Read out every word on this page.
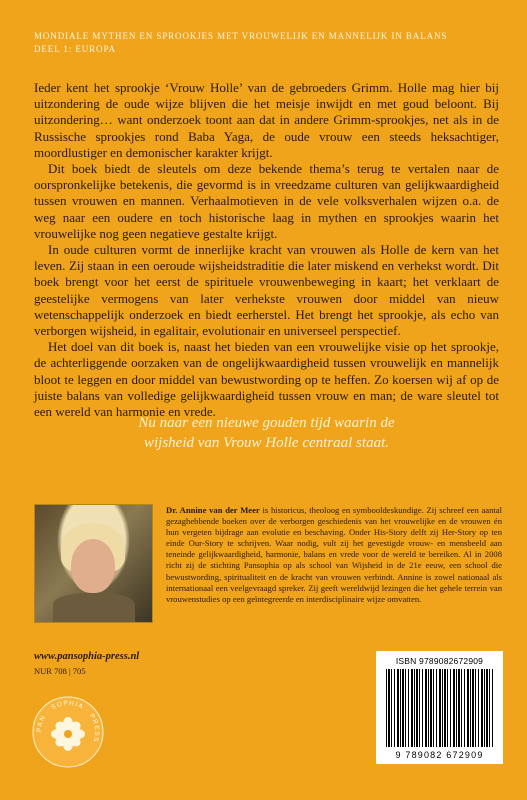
MONDIALE MYTHEN EN SPROOKJES MET VROUWELIJK EN MANNELIJK IN BALANS
DEEL 1: EUROPA

Ieder kent het sprookje ‘Vrouw Holle’ van de gebroeders Grimm. Holle mag hier bij uitzondering de oude wijze blijven die het meisje inwijdt en met goud beloont. Bij uitzondering… want onderzoek toont aan dat in andere Grimm-sprookjes, net als in de Russische sprookjes rond Baba Yaga, de oude vrouw een steeds heksachtiger, moordlustiger en demonischer karakter krijgt.

Dit boek biedt de sleutels om deze bekende thema’s terug te vertalen naar de oorspronkelijke betekenis, die gevormd is in vreedzame culturen van gelijkwaardigheid tussen vrouwen en mannen. Verhaalmotieven in de vele volksverhalen wijzen o.a. de weg naar een oudere en toch historische laag in mythen en sprookjes waarin het vrouwelijke nog geen negatieve gestalte krijgt.

In oude culturen vormt de innerlijke kracht van vrouwen als Holle de kern van het leven. Zij staan in een oeroude wijsheidstraditie die later miskend en verhekst wordt. Dit boek brengt voor het eerst de spirituele vrouwenbeweging in kaart; het verklaart de geestelijke vermogens van later verhekste vrouwen door middel van nieuw wetenschappelijk onderzoek en biedt eerherstel. Het brengt het sprookje, als echo van verborgen wijsheid, in egalitair, evolutionair en universeel perspectief.

Het doel van dit boek is, naast het bieden van een vrouwelijke visie op het sprookje, de achterliggende oorzaken van de ongelijkwaardigheid tussen vrouwelijk en mannelijk bloot te leggen en door middel van bewustwording op te heffen. Zo koersen wij af op de juiste balans van volledige gelijkwaardigheid tussen vrouw en man; de ware sleutel tot een wereld van harmonie en vrede.

Nu naar een nieuwe gouden tijd waarin de
wijsheid van Vrouw Holle centraal staat.
Dr. Annine van der Meer is historicus, theoloog en symbooldeskundige. Zij schreef een aantal gezaghebbende boeken over de verborgen geschiedenis van het vrouwelijke en de vrouwen én hun vergeten bijdrage aan evolutie en beschaving. Onder His-Story delft zij Her-Story op ten einde Our-Story te schrijven. Waar nodig, vult zij het gevestigde vrouw- en mensbeeld aan teneinde gelijkwaardigheid, harmonie, balans en vrede voor de wereld te bereiken. Al in 2008 richt zij de stichting Pansophia op als school van Wijsheid in de 21e eeuw, een school die bewustwording, spiritualiteit en de kracht van vrouwen verbindt. Annine is zowel nationaal als internationaal een veelgevraagd spreker. Zij geeft wereldwijd lezingen die het gehele terrein van vrouwenstudies op een geïntegreerde en interdisciplinaire wijze omvatten.
www.pansophia-press.nl
NUR 708 | 705
PAN · SOPHIA · PRESS
ISBN 9789082672909
9 789082 672909
